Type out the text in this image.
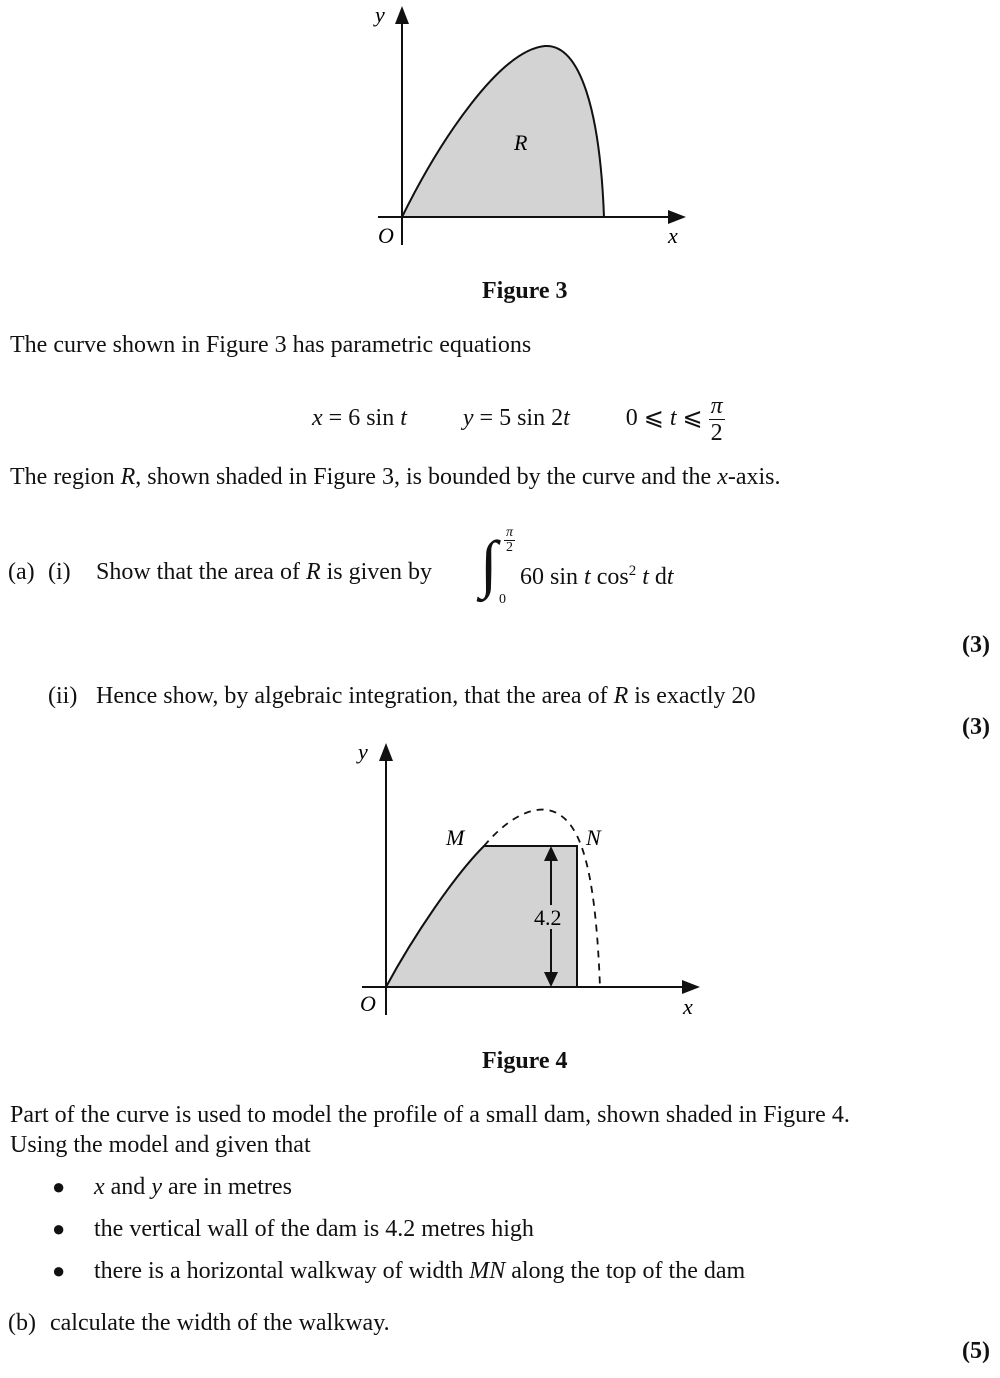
y
x
O
R
Figure 3
The curve shown in Figure 3 has parametric equations
x = 6 sin t y = 5 sin 2t 0 ⩽ t ⩽ $\frac{\pi}{2}$
The region R, shown shaded in Figure 3, is bounded by the curve and the x-axis.
(a) (i) Show that the area of R is given by ∫ $\frac{\pi}{2}$
0
60 sin t $\cos^2 t$ dt
(3)
(ii) Hence show, by algebraic integration, that the area of R is exactly 20
(3)
4.2
y
x
O
M	N
Figure 4
Part of the curve is used to model the profile of a small dam, shown shaded in Figure 4.
Using the model and given that
● x and y are in metres
● the vertical wall of the dam is 4.2 metres high
● there is a horizontal walkway of width MN along the top of the dam
(b) calculate the width of the walkway.
(5)
